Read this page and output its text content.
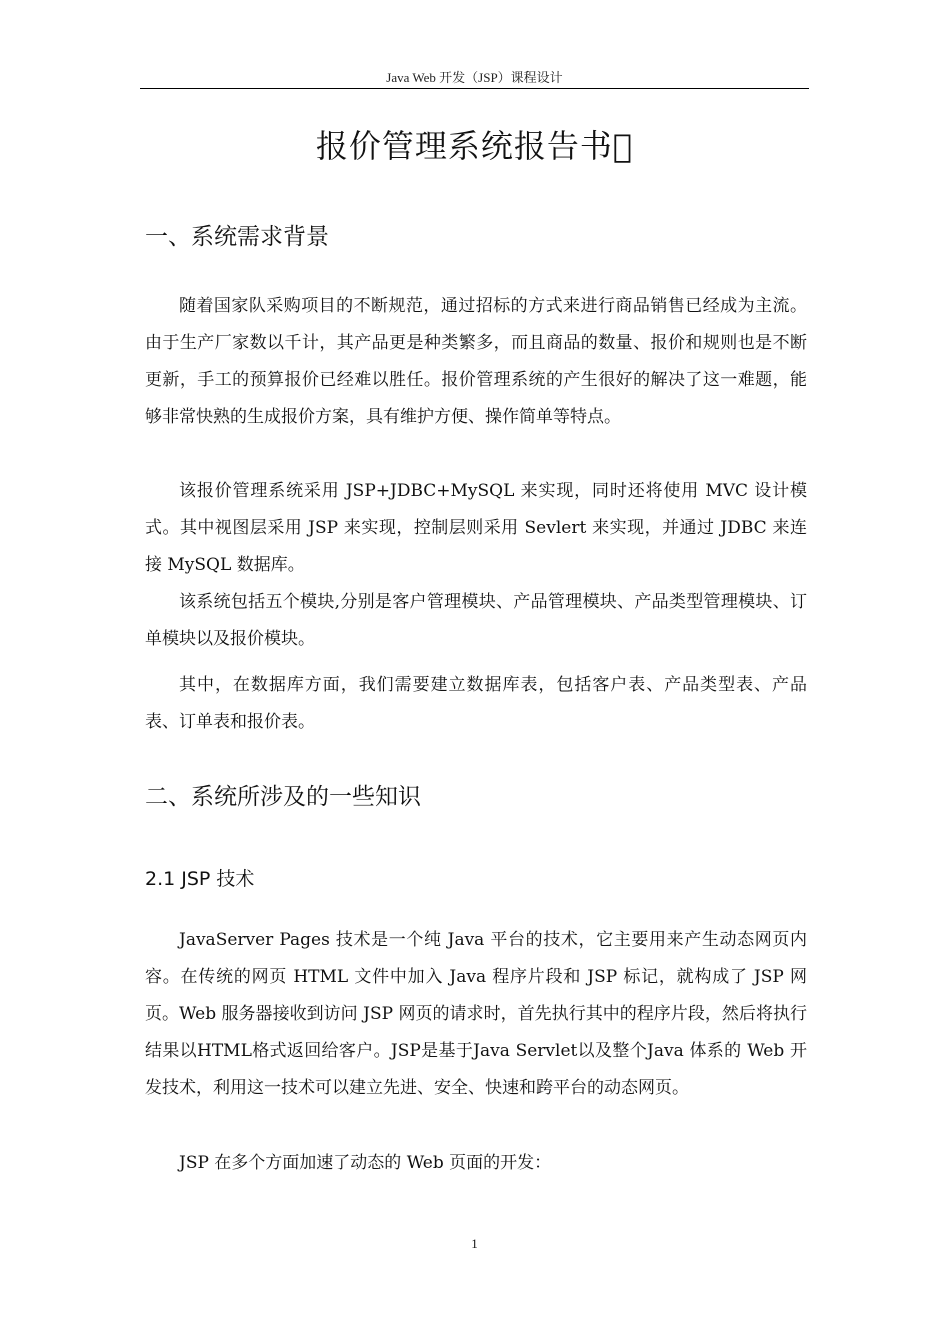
Java Web 开发（JSP）课程设计
报价管理系统报告书 
一、系统需求背景

随着国家队采购项目的不断规范，通过招标的方式来进行商品销售已经成为主流。由于生产厂家数以千计，其产品更是种类繁多，而且商品的数量、报价和规则也是不断更新，手工的预算报价已经难以胜任。报价管理系统的产生很好的解决了这一难题，能够非常快熟的生成报价方案，具有维护方便、操作简单等特点。

该报价管理系统采用 JSP+JDBC+MySQL 来实现，同时还将使用 MVC 设计模式。其中视图层采用 JSP 来实现，控制层则采用 Sevlert 来实现，并通过 JDBC 来连接 MySQL 数据库。

该系统包括五个模块,分别是客户管理模块、产品管理模块、产品类型管理模块、订单模块以及报价模块。

其中，在数据库方面，我们需要建立数据库表，包括客户表、产品类型表、产品表、订单表和报价表。

二、系统所涉及的一些知识
2.1 JSP 技术

JavaServer Pages 技术是一个纯 Java 平台的技术，它主要用来产生动态网页内容。在传统的网页 HTML 文件中加入 Java 程序片段和 JSP 标记，就构成了 JSP 网页。Web 服务器接收到访问 JSP 网页的请求时，首先执行其中的程序片段，然后将执行结果以HTML格式返回给客户。JSP是基于Java Servlet以及整个Java 体系的 Web 开发技术，利用这一技术可以建立先进、安全、快速和跨平台的动态网页。

JSP 在多个方面加速了动态的 Web 页面的开发：

1
